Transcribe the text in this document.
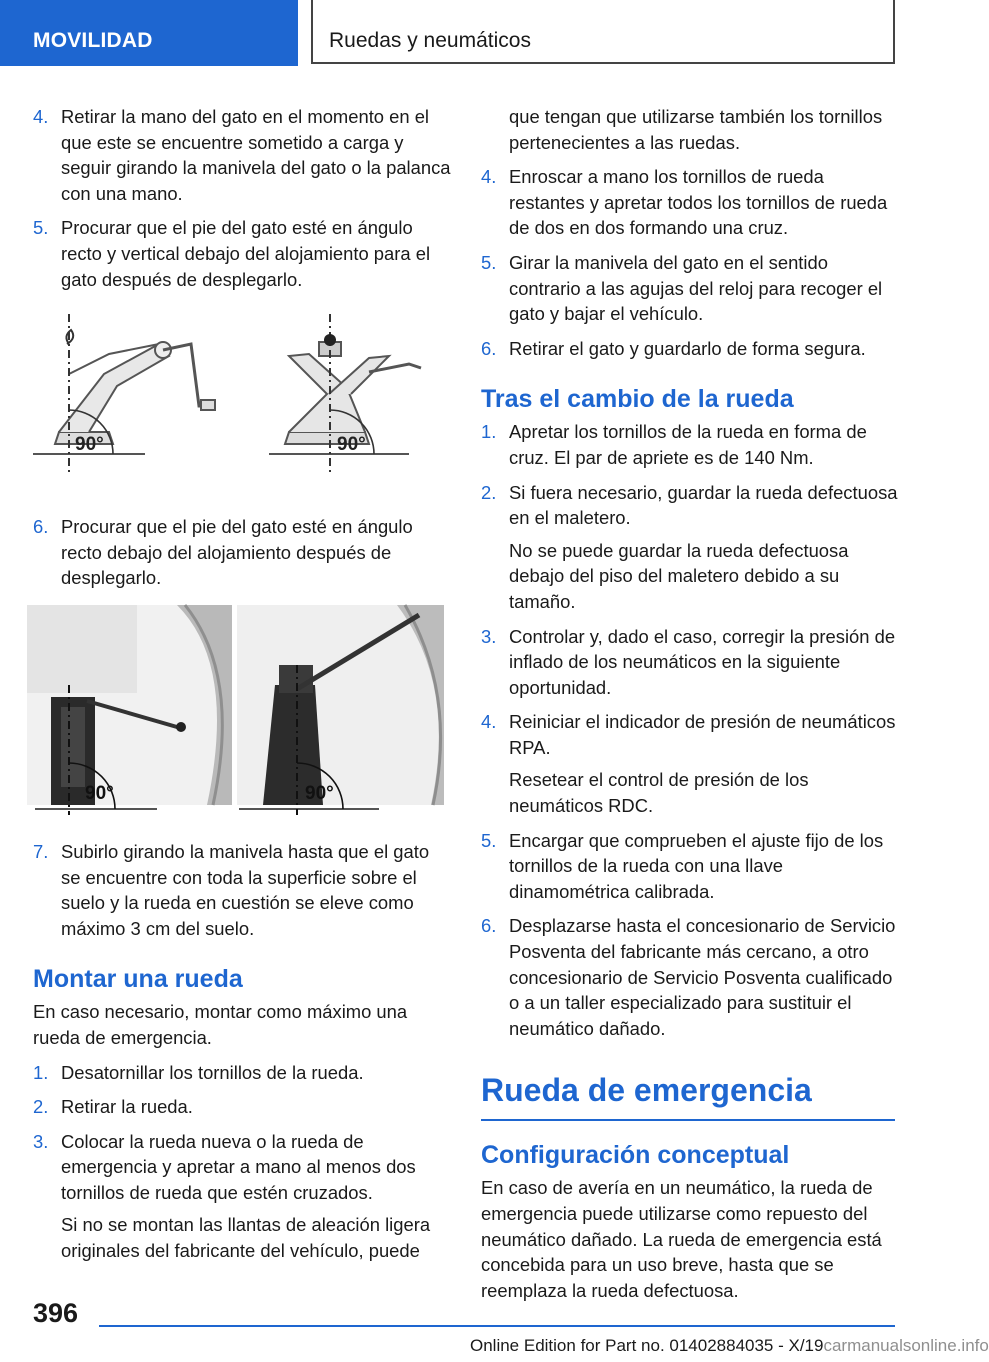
MOVILIDAD	Ruedas y neumáticos
4. Retirar la mano del gato en el momento en el que este se encuentre sometido a carga y seguir girando la manivela del gato o la palanca con una mano.
5. Procurar que el pie del gato esté en ángulo recto y vertical debajo del alojamiento para el gato después de desplegarlo.
90°	90°
6. Procurar que el pie del gato esté en ángulo recto debajo del alojamiento después de desplegarlo.
90°	90°
7. Subirlo girando la manivela hasta que el gato se encuentre con toda la superficie sobre el suelo y la rueda en cuestión se eleve como máximo 3 cm del suelo.
Montar una rueda

En caso necesario, montar como máximo una rueda de emergencia.

1. Desatornillar los tornillos de la rueda.
2. Retirar la rueda.
3. Colocar la rueda nueva o la rueda de emergencia y apretar a mano al menos dos tornillos de rueda que estén cruzados.
Si no se montan las llantas de aleación ligera originales del fabricante del vehículo, puede

que tengan que utilizarse también los tornillos pertenecientes a las ruedas.

4. Enroscar a mano los tornillos de rueda restantes y apretar todos los tornillos de rueda de dos en dos formando una cruz.
5. Girar la manivela del gato en el sentido contrario a las agujas del reloj para recoger el gato y bajar el vehículo.
6. Retirar el gato y guardarlo de forma segura.
Tras el cambio de la rueda
1. Apretar los tornillos de la rueda en forma de cruz. El par de apriete es de 140 Nm.
2. Si fuera necesario, guardar la rueda defectuosa en el maletero.
No se puede guardar la rueda defectuosa debajo del piso del maletero debido a su tamaño.
3. Controlar y, dado el caso, corregir la presión de inflado de los neumáticos en la siguiente oportunidad.
4. Reiniciar el indicador de presión de neumáticos RPA.
Resetear el control de presión de los neumáticos RDC.
5. Encargar que comprueben el ajuste fijo de los tornillos de la rueda con una llave dinamométrica calibrada.
6. Desplazarse hasta el concesionario de Servicio Posventa del fabricante más cercano, a otro concesionario de Servicio Posventa cualificado o a un taller especializado para sustituir el neumático dañado.
Rueda de emergencia
Configuración conceptual

En caso de avería en un neumático, la rueda de emergencia puede utilizarse como repuesto del neumático dañado. La rueda de emergencia está concebida para un uso breve, hasta que se reemplaza la rueda defectuosa.

396
Online Edition for Part no. 01402884035 - X/19carmanualsonline.info
